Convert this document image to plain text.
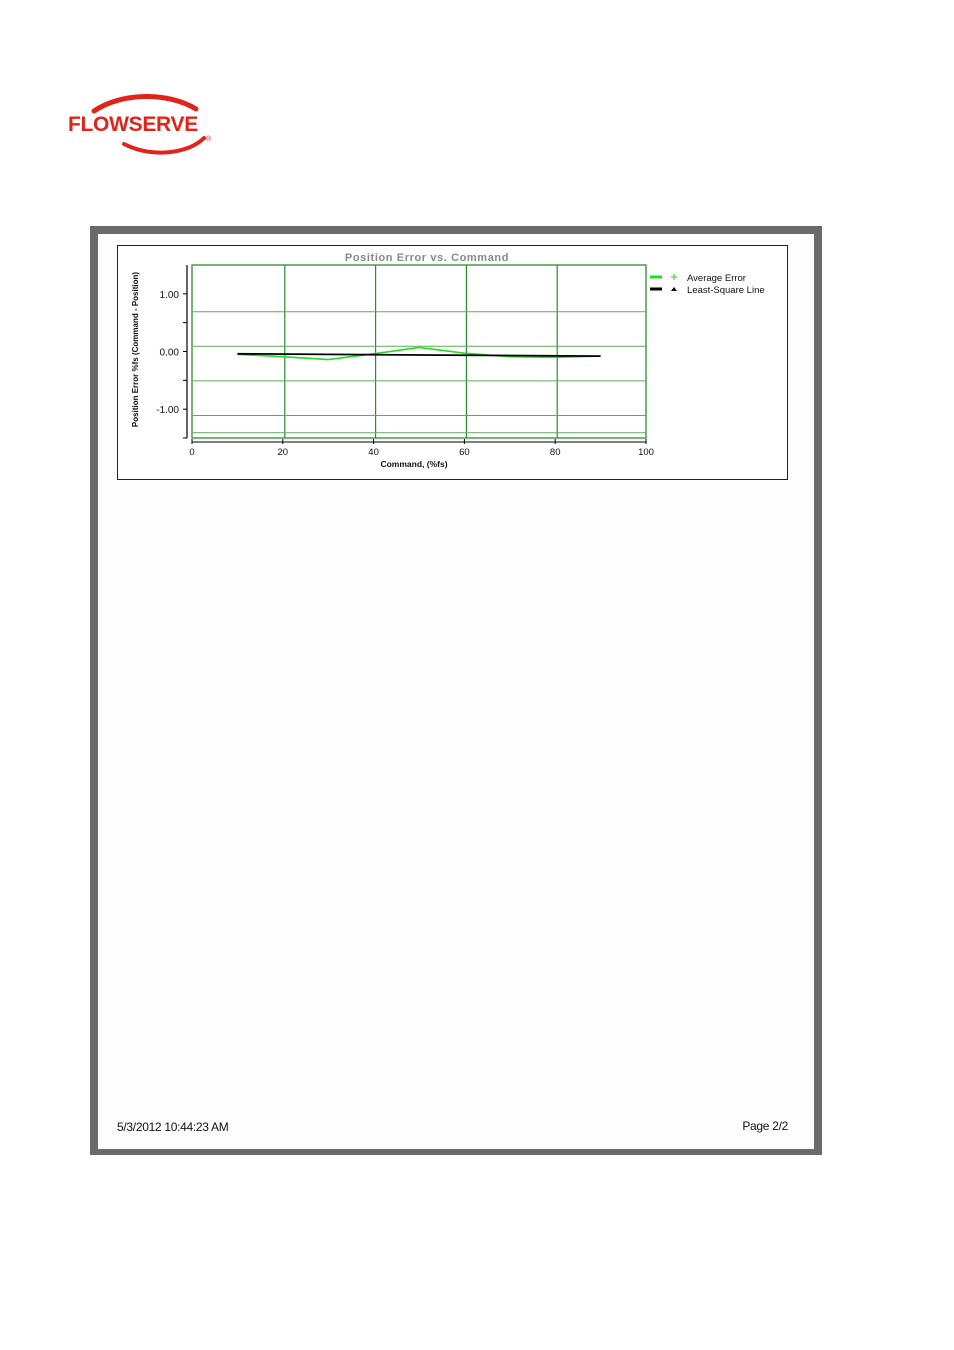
FLOWSERVE
®
Position Error vs. Command
1.00
0.00
-1.00
0	20	40	60	80	100
Command, (%fs)
Position Error %fs (Command - Position)	Average Error
Least-Square Line
5/3/2012 10:44:23 AM	Page 2/2
